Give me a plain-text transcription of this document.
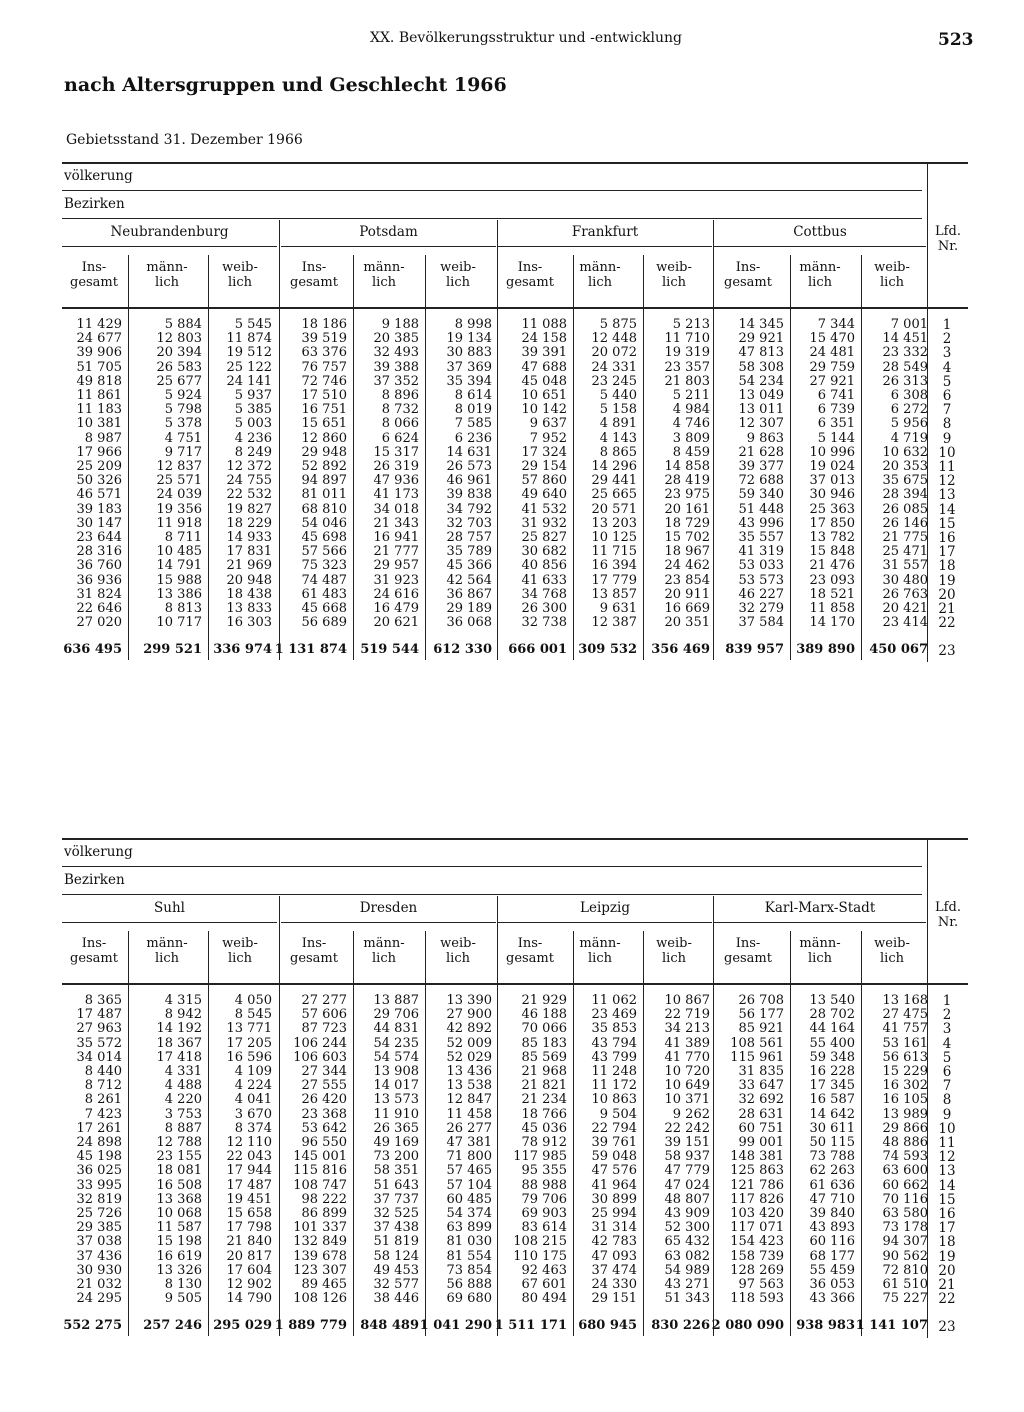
XX. Bevölkerungsstruktur und -entwicklung	523
nach Altersgruppen und Geschlecht 1966
Gebietsstand 31. Dezember 1966
völkerung
Bezirken
Lfd.
Nr.
Neubrandenburg
Ins-
gesamt
11 429
24 677
39 906
51 705
49 818
11 861
11 183
10 381
8 987
17 966
25 209
50 326
46 571
39 183
30 147
23 644
28 316
36 760
36 936
31 824
22 646
27 020
636 495
männ-
lich
5 884
12 803
20 394
26 583
25 677
5 924
5 798
5 378
4 751
9 717
12 837
25 571
24 039
19 356
11 918
8 711
10 485
14 791
15 988
13 386
8 813
10 717
299 521
weib-
lich
5 545
11 874
19 512
25 122
24 141
5 937
5 385
5 003
4 236
8 249
12 372
24 755
22 532
19 827
18 229
14 933
17 831
21 969
20 948
18 438
13 833
16 303
336 974
Potsdam
Ins-
gesamt
18 186
39 519
63 376
76 757
72 746
17 510
16 751
15 651
12 860
29 948
52 892
94 897
81 011
68 810
54 046
45 698
57 566
75 323
74 487
61 483
45 668
56 689
1 131 874
männ-
lich
9 188
20 385
32 493
39 388
37 352
8 896
8 732
8 066
6 624
15 317
26 319
47 936
41 173
34 018
21 343
16 941
21 777
29 957
31 923
24 616
16 479
20 621
519 544
weib-
lich
8 998
19 134
30 883
37 369
35 394
8 614
8 019
7 585
6 236
14 631
26 573
46 961
39 838
34 792
32 703
28 757
35 789
45 366
42 564
36 867
29 189
36 068
612 330
Frankfurt
Ins-
gesamt
11 088
24 158
39 391
47 688
45 048
10 651
10 142
9 637
7 952
17 324
29 154
57 860
49 640
41 532
31 932
25 827
30 682
40 856
41 633
34 768
26 300
32 738
666 001
männ-
lich
5 875
12 448
20 072
24 331
23 245
5 440
5 158
4 891
4 143
8 865
14 296
29 441
25 665
20 571
13 203
10 125
11 715
16 394
17 779
13 857
9 631
12 387
309 532
weib-
lich
5 213
11 710
19 319
23 357
21 803
5 211
4 984
4 746
3 809
8 459
14 858
28 419
23 975
20 161
18 729
15 702
18 967
24 462
23 854
20 911
16 669
20 351
356 469
Cottbus
Ins-
gesamt
14 345
29 921
47 813
58 308
54 234
13 049
13 011
12 307
9 863
21 628
39 377
72 688
59 340
51 448
43 996
35 557
41 319
53 033
53 573
46 227
32 279
37 584
839 957
männ-
lich
7 344
15 470
24 481
29 759
27 921
6 741
6 739
6 351
5 144
10 996
19 024
37 013
30 946
25 363
17 850
13 782
15 848
21 476
23 093
18 521
11 858
14 170
389 890
weib-
lich
7 001
14 451
23 332
28 549
26 313
6 308
6 272
5 956
4 719
10 632
20 353
35 675
28 394
26 085
26 146
21 775
25 471
31 557
30 480
26 763
20 421
23 414
450 067
1
2
3
4
5
6
7
8
9
10
11
12
13
14
15
16
17
18
19
20
21
22
23
völkerung
Bezirken
Lfd.
Nr.
Suhl
Ins-
gesamt
8 365
17 487
27 963
35 572
34 014
8 440
8 712
8 261
7 423
17 261
24 898
45 198
36 025
33 995
32 819
25 726
29 385
37 038
37 436
30 930
21 032
24 295
552 275
männ-
lich
4 315
8 942
14 192
18 367
17 418
4 331
4 488
4 220
3 753
8 887
12 788
23 155
18 081
16 508
13 368
10 068
11 587
15 198
16 619
13 326
8 130
9 505
257 246
weib-
lich
4 050
8 545
13 771
17 205
16 596
4 109
4 224
4 041
3 670
8 374
12 110
22 043
17 944
17 487
19 451
15 658
17 798
21 840
20 817
17 604
12 902
14 790
295 029
Dresden
Ins-
gesamt
27 277
57 606
87 723
106 244
106 603
27 344
27 555
26 420
23 368
53 642
96 550
145 001
115 816
108 747
98 222
86 899
101 337
132 849
139 678
123 307
89 465
108 126
1 889 779
männ-
lich
13 887
29 706
44 831
54 235
54 574
13 908
14 017
13 573
11 910
26 365
49 169
73 200
58 351
51 643
37 737
32 525
37 438
51 819
58 124
49 453
32 577
38 446
848 489
weib-
lich
13 390
27 900
42 892
52 009
52 029
13 436
13 538
12 847
11 458
26 277
47 381
71 800
57 465
57 104
60 485
54 374
63 899
81 030
81 554
73 854
56 888
69 680
1 041 290
Leipzig
Ins-
gesamt
21 929
46 188
70 066
85 183
85 569
21 968
21 821
21 234
18 766
45 036
78 912
117 985
95 355
88 988
79 706
69 903
83 614
108 215
110 175
92 463
67 601
80 494
1 511 171
männ-
lich
11 062
23 469
35 853
43 794
43 799
11 248
11 172
10 863
9 504
22 794
39 761
59 048
47 576
41 964
30 899
25 994
31 314
42 783
47 093
37 474
24 330
29 151
680 945
weib-
lich
10 867
22 719
34 213
41 389
41 770
10 720
10 649
10 371
9 262
22 242
39 151
58 937
47 779
47 024
48 807
43 909
52 300
65 432
63 082
54 989
43 271
51 343
830 226
Karl-Marx-Stadt
Ins-
gesamt
26 708
56 177
85 921
108 561
115 961
31 835
33 647
32 692
28 631
60 751
99 001
148 381
125 863
121 786
117 826
103 420
117 071
154 423
158 739
128 269
97 563
118 593
2 080 090
männ-
lich
13 540
28 702
44 164
55 400
59 348
16 228
17 345
16 587
14 642
30 611
50 115
73 788
62 263
61 636
47 710
39 840
43 893
60 116
68 177
55 459
36 053
43 366
938 983
weib-
lich
13 168
27 475
41 757
53 161
56 613
15 229
16 302
16 105
13 989
29 866
48 886
74 593
63 600
60 662
70 116
63 580
73 178
94 307
90 562
72 810
61 510
75 227
1 141 107
1
2
3
4
5
6
7
8
9
10
11
12
13
14
15
16
17
18
19
20
21
22
23
